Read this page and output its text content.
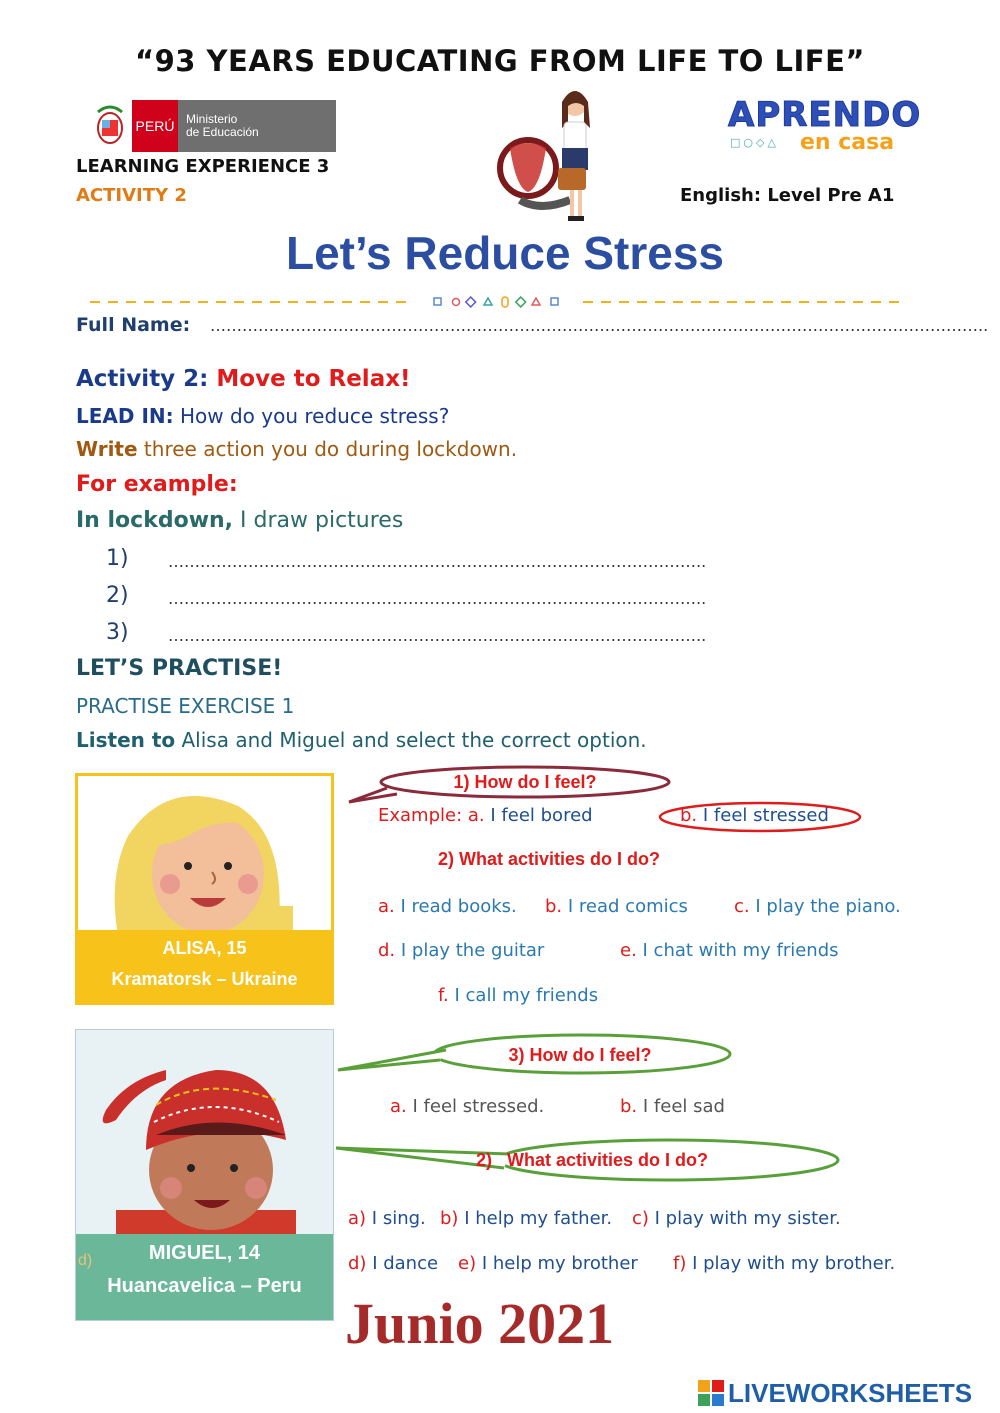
“93 YEARS EDUCATING FROM LIFE TO LIFE”
PERÚ Ministerio
de Educación
LEARNING EXPERIENCE 3
ACTIVITY 2	English: Level Pre A1
APRENDO
□○◇△ en casa
Let’s Reduce Stress
Full Name: ………………………………………………………………………………………………………………………………..
Activity 2: Move to Relax!
LEAD IN: How do you reduce stress?
Write three action you do during lockdown.
For example:
In lockdown, I draw pictures
1) ………………………………………………………………………………………..
2) ………………………………………………………………………………………..
3) ………………………………………………………………………………………..
LET’S PRACTISE!
PRACTISE EXERCISE 1
Listen to Alisa and Miguel and select the correct option.
ALISA, 15
Kramatorsk – Ukraine
1) How do I feel?
Example: a. I feel bored	b. I feel stressed
2) What activities do I do?
a. I read books. b. I read comics	c. I play the piano.
d. I play the guitar	e. I chat with my friends
f. I call my friends
d)	MIGUEL, 14
Huancavelica – Peru
3) How do I feel?
a. I feel stressed.	b. I feel sad
2)   What activities do I do?
a) I sing. b) I help my father. c) I play with my sister.
d) I dance e) I help my brother f) I play with my brother.
Junio 2021
LIVEWORKSHEETS
